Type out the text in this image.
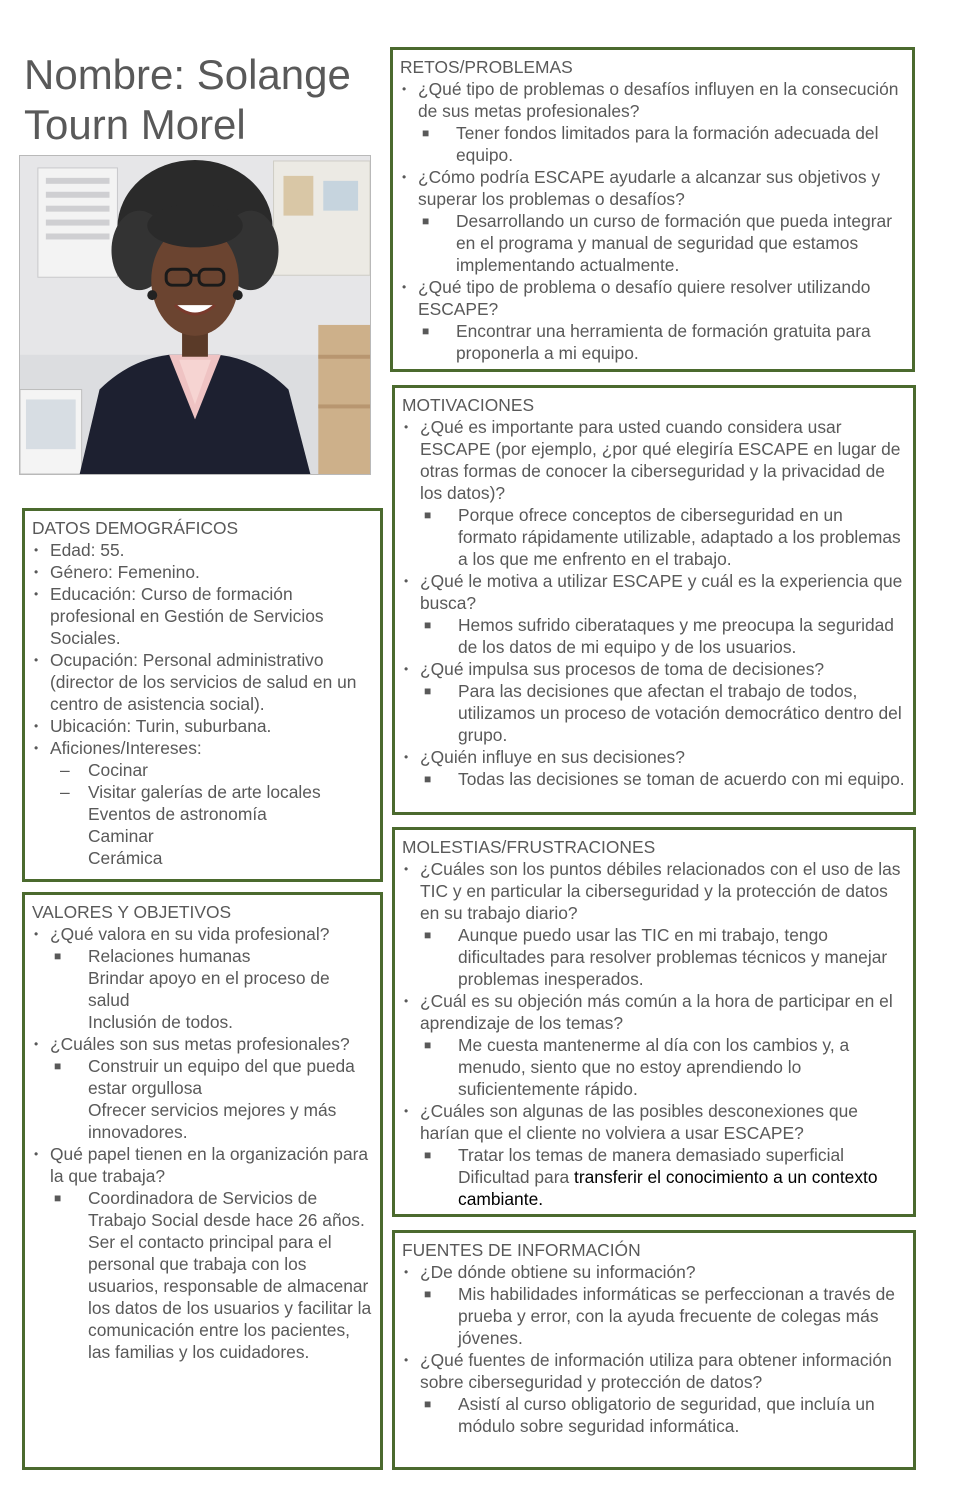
Nombre: Solange Tourn Morel
RETOS/PROBLEMAS
• ¿Qué tipo de problemas o desafíos influyen en la consecución de sus metas profesionales?
■ Tener fondos limitados para la formación adecuada del equipo.
• ¿Cómo podría ESCAPE ayudarle a alcanzar sus objetivos y superar los problemas o desafíos?
■ Desarrollando un curso de formación que pueda integrar en el programa y manual de seguridad que estamos implementando actualmente.
• ¿Qué tipo de problema o desafío quiere resolver utilizando ESCAPE?
■ Encontrar una herramienta de formación gratuita para proponerla a mi equipo.
MOTIVACIONES
• ¿Qué es importante para usted cuando considera usar ESCAPE (por ejemplo, ¿por qué elegiría ESCAPE en lugar de otras formas de conocer la ciberseguridad y la privacidad de los datos)?
■ Porque ofrece conceptos de ciberseguridad en un formato rápidamente utilizable, adaptado a los problemas a los que me enfrento en el trabajo.
• ¿Qué le motiva a utilizar ESCAPE y cuál es la experiencia que busca?
■ Hemos sufrido ciberataques y me preocupa la seguridad de los datos de mi equipo y de los usuarios.
• ¿Qué impulsa sus procesos de toma de decisiones?
■ Para las decisiones que afectan el trabajo de todos, utilizamos un proceso de votación democrático dentro del grupo.
• ¿Quién influye en sus decisiones?
■ Todas las decisiones se toman de acuerdo con mi equipo.
MOLESTIAS/FRUSTRACIONES
• ¿Cuáles son los puntos débiles relacionados con el uso de las TIC y en particular la ciberseguridad y la protección de datos en su trabajo diario?
■ Aunque puedo usar las TIC en mi trabajo, tengo dificultades para resolver problemas técnicos y manejar problemas inesperados.
• ¿Cuál es su objeción más común a la hora de participar en el aprendizaje de los temas?
■ Me cuesta mantenerme al día con los cambios y, a menudo, siento que no estoy aprendiendo lo suficientemente rápido.
• ¿Cuáles son algunas de las posibles desconexiones que harían que el cliente no volviera a usar ESCAPE?
■ Tratar los temas de manera demasiado superficial
Dificultad para transferir el conocimiento a un contexto cambiante.
FUENTES DE INFORMACIÓN
• ¿De dónde obtiene su información?
■ Mis habilidades informáticas se perfeccionan a través de prueba y error, con la ayuda frecuente de colegas más jóvenes.
• ¿Qué fuentes de información utiliza para obtener información sobre ciberseguridad y protección de datos?
■ Asistí al curso obligatorio de seguridad, que incluía un módulo sobre seguridad informática.
DATOS DEMOGRÁFICOS
• Edad: 55.
• Género: Femenino.
• Educación: Curso de formación profesional en Gestión de Servicios Sociales.
• Ocupación: Personal administrativo (director de los servicios de salud en un centro de asistencia social).
• Ubicación: Turin, suburbana.
• Aficiones/Intereses:
– Cocinar
– Visitar galerías de arte locales
Eventos de astronomía
Caminar
Cerámica
VALORES Y OBJETIVOS
• ¿Qué valora en su vida profesional?
■ Relaciones humanas
Brindar apoyo en el proceso de salud
Inclusión de todos.
• ¿Cuáles son sus metas profesionales?
■ Construir un equipo del que pueda estar orgullosa
Ofrecer servicios mejores y más innovadores.
• Qué papel tienen en la organización para la que trabaja?
■ Coordinadora de Servicios de Trabajo Social desde hace 26 años.
Ser el contacto principal para el personal que trabaja con los usuarios, responsable de almacenar los datos de los usuarios y facilitar la comunicación entre los pacientes, las familias y los cuidadores.
